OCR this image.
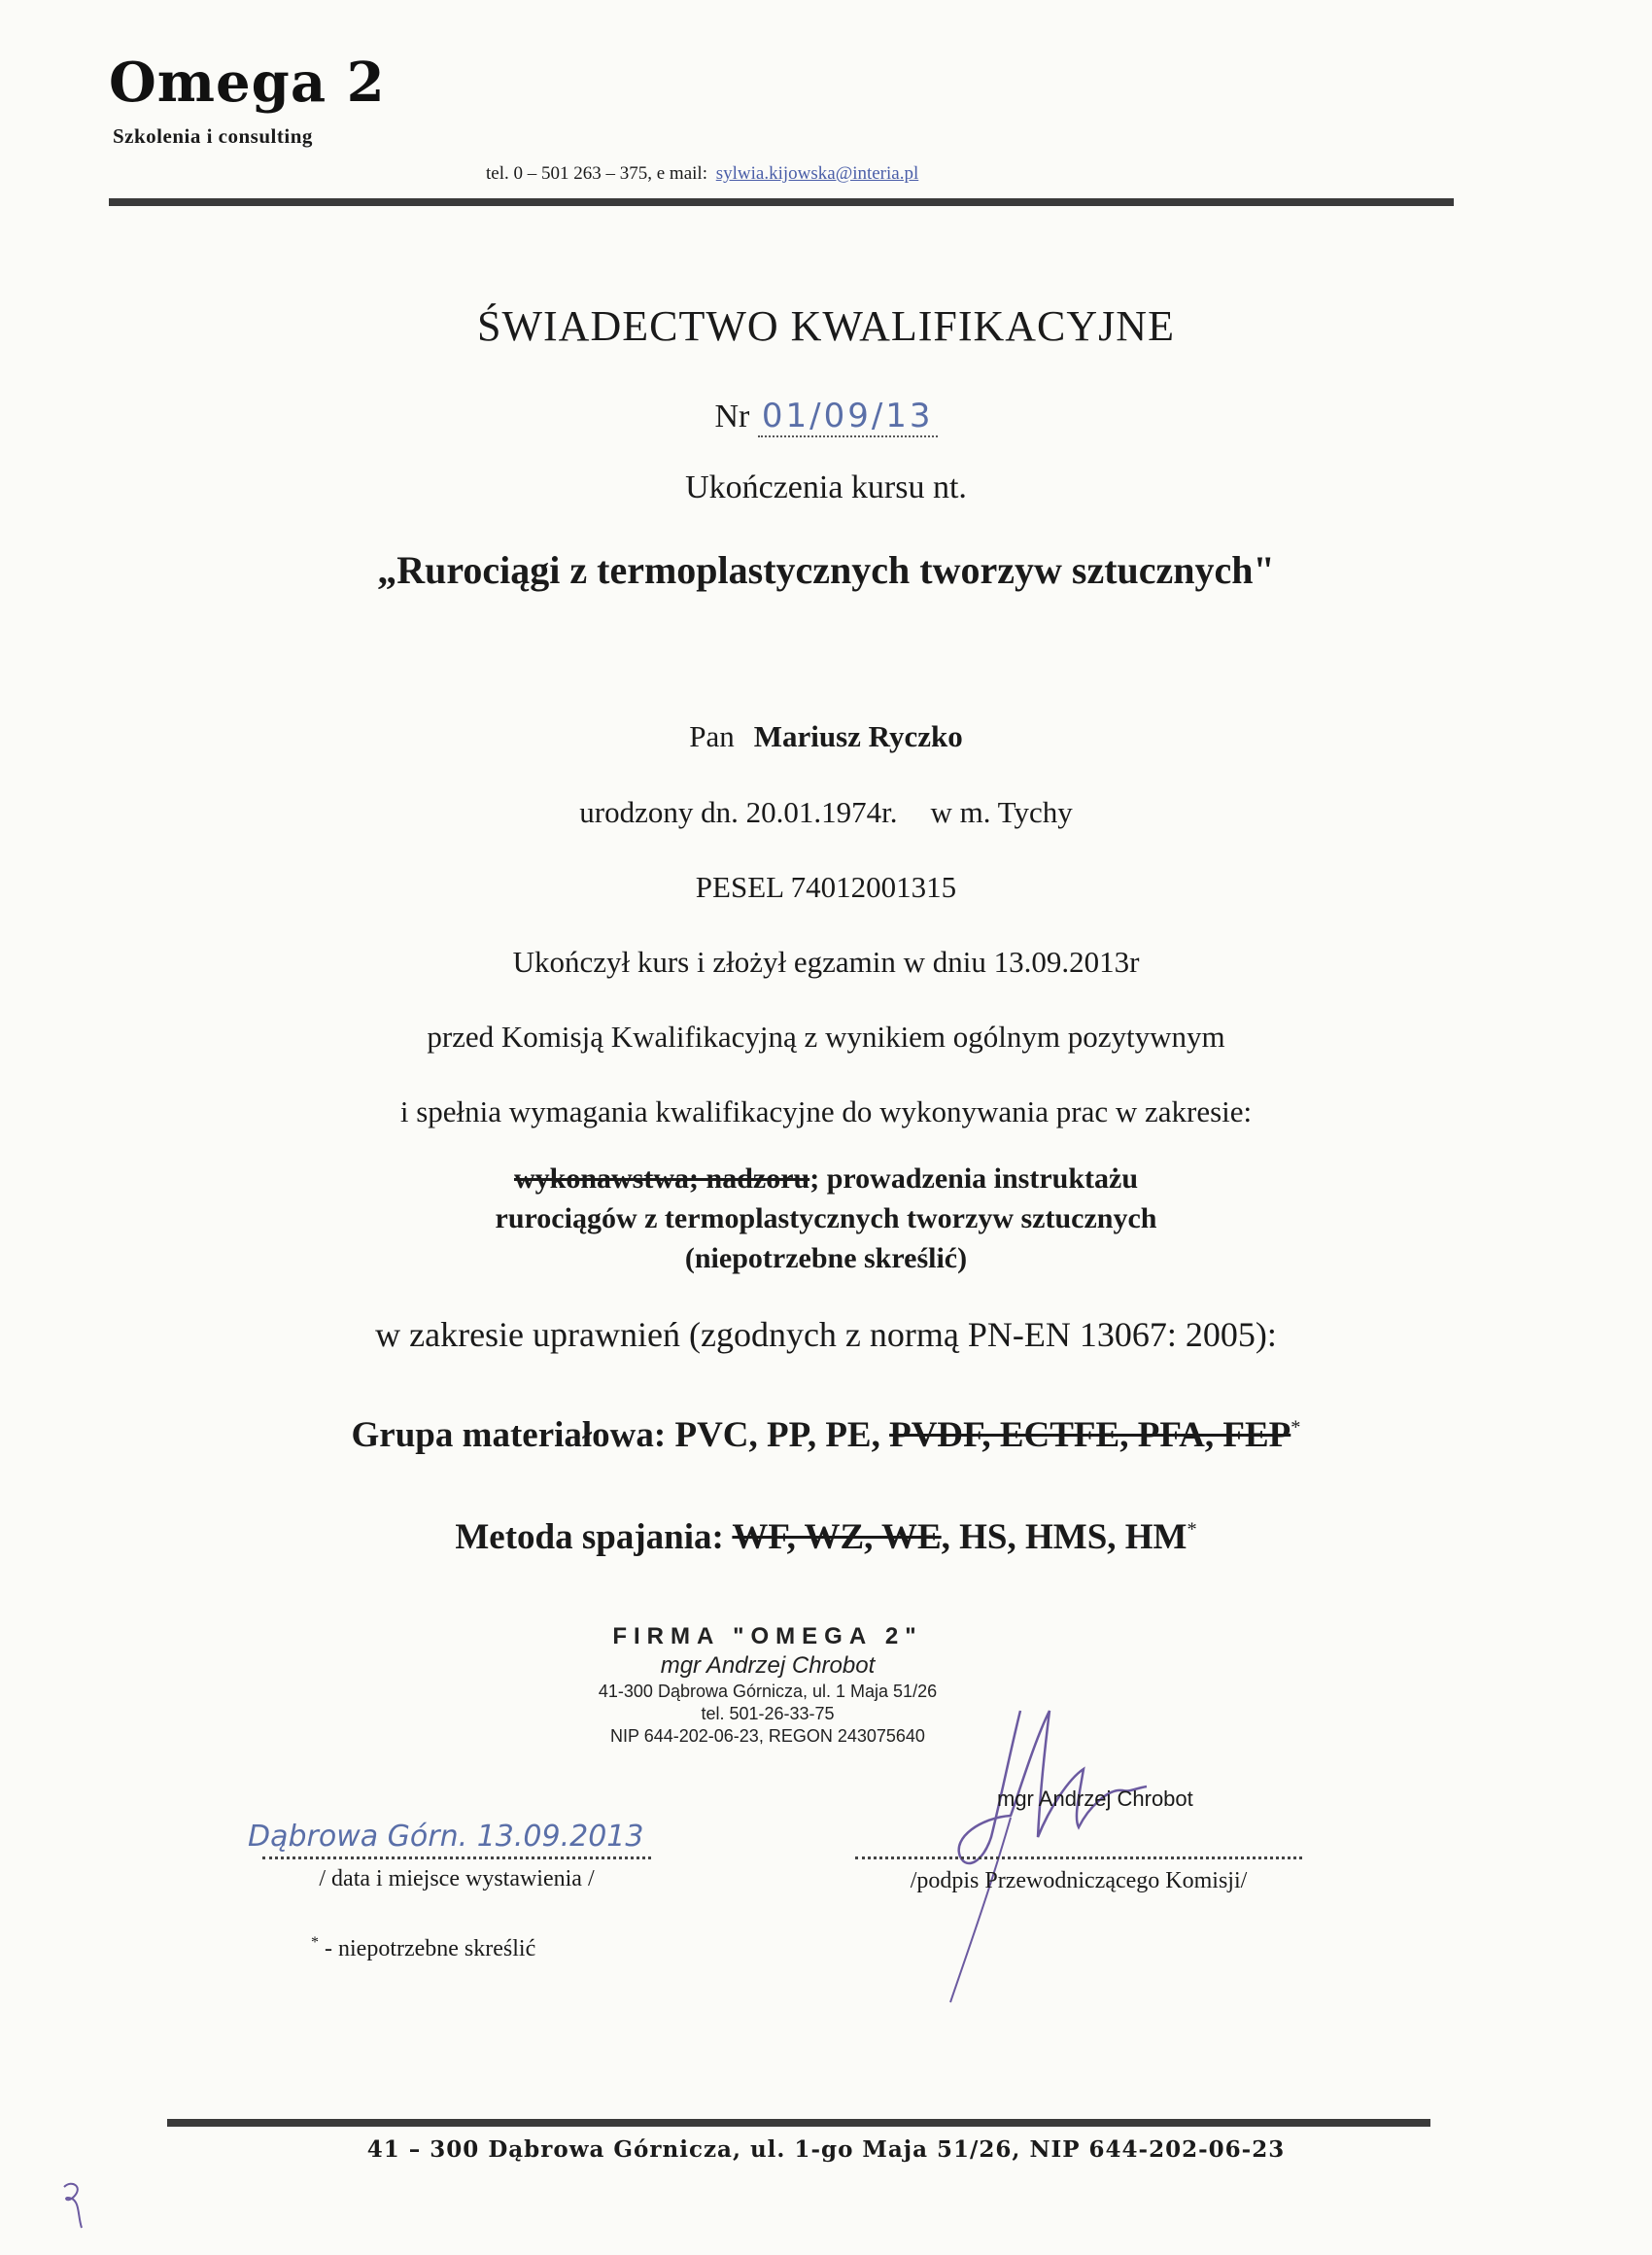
Omega 2
Szkolenia i consulting
tel. 0 – 501 263 – 375, e mail: sylwia.kijowska@interia.pl
ŚWIADECTWO KWALIFIKACYJNE
Nr 01/09/13
Ukończenia kursu nt.
„Rurociągi z termoplastycznych tworzyw sztucznych"
Pan Mariusz Ryczko
urodzony dn. 20.01.1974r. w m. Tychy
PESEL 74012001315
Ukończył kurs i złożył egzamin w dniu 13.09.2013r
przed Komisją Kwalifikacyjną z wynikiem ogólnym pozytywnym
i spełnia wymagania kwalifikacyjne do wykonywania prac w zakresie:
wykonawstwa; nadzoru; prowadzenia instruktażu
rurociągów z termoplastycznych tworzyw sztucznych
(niepotrzebne skreślić)
w zakresie uprawnień (zgodnych z normą PN-EN 13067: 2005):
Grupa materiałowa: PVC, PP, PE, PVDF, ECTFE, PFA, FEP*
Metoda spajania: WF, WZ, WE, HS, HMS, HM*
FIRMA "OMEGA 2"
mgr Andrzej Chrobot
41-300 Dąbrowa Górnicza, ul. 1 Maja 51/26
tel. 501-26-33-75
NIP 644-202-06-23, REGON 243075640
Dąbrowa Górn. 13.09.2013
/ data i miejsce wystawienia /
mgr Andrzej Chrobot
/podpis Przewodniczącego Komisji/
* - niepotrzebne skreślić
41 – 300 Dąbrowa Górnicza, ul. 1-go Maja 51/26, NIP 644-202-06-23
